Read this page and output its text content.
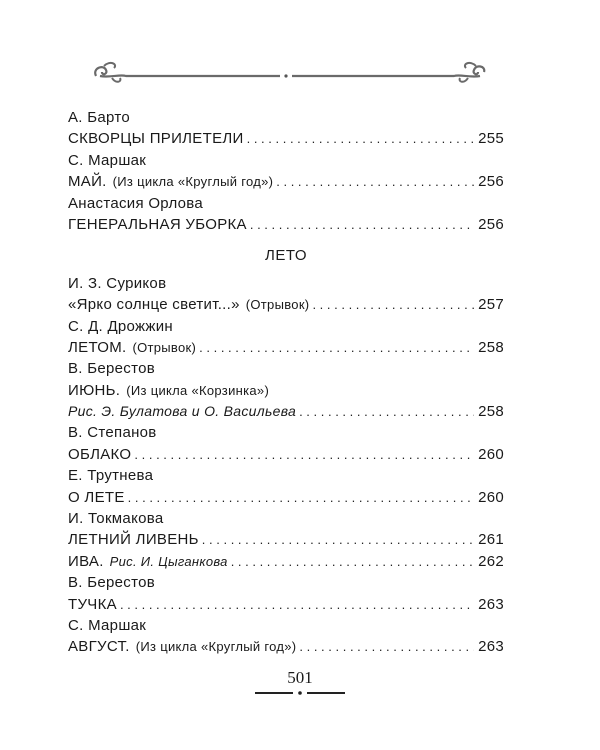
А. Барто
СКВОРЦЫ ПРИЛЕТЕЛИ . . .	255
С. Маршак
МАЙ. (Из цикла «Круглый год») . . .	256
Анастасия Орлова
ГЕНЕРАЛЬНАЯ УБОРКА . . .	256
ЛЕТО
И. З. Суриков
«Ярко солнце светит...» (Отрывок) . . .	257
С. Д. Дрожжин
ЛЕТОМ. (Отрывок) . . .	258
В. Берестов
ИЮНЬ. (Из цикла «Корзинка»)
Рис. Э. Булатова и О. Васильева . . .	258
В. Степанов
ОБЛАКО . . .	260
Е. Трутнева
О ЛЕТЕ . . .	260
И. Токмакова
ЛЕТНИЙ ЛИВЕНЬ . . .	261
ИВА. Рис. И. Цыганкова . . .	262
В. Берестов
ТУЧКА . . .	263
С. Маршак
АВГУСТ. (Из цикла «Круглый год») . . .	263
501
